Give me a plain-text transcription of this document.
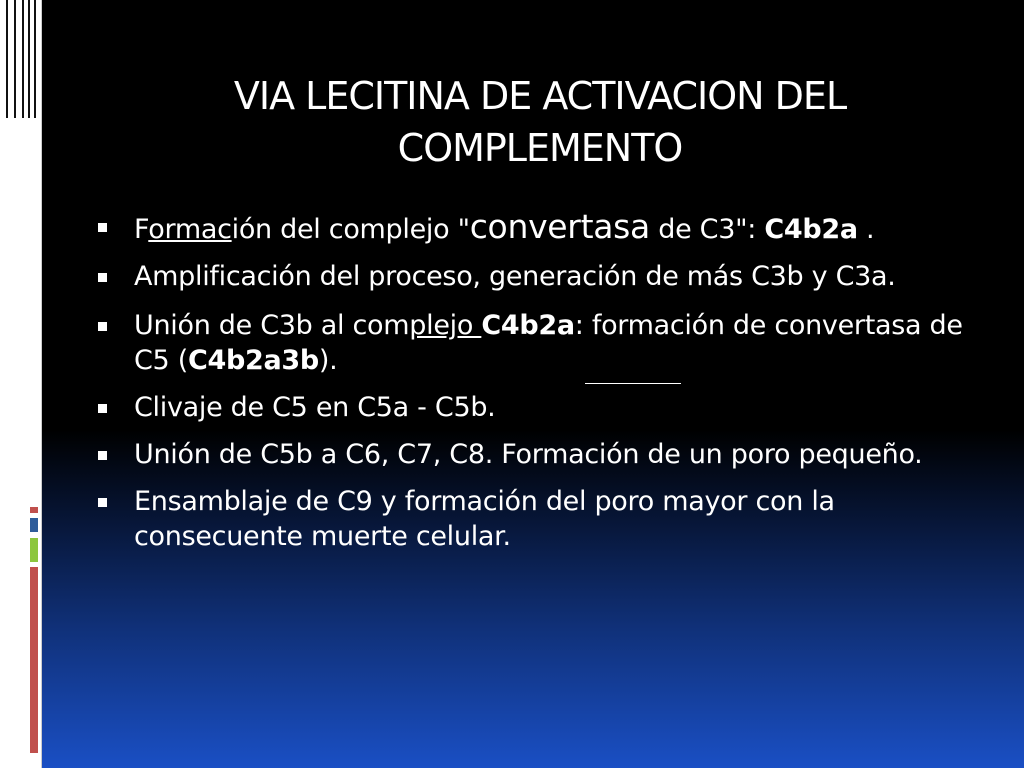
VIA LECITINA DE ACTIVACION DEL
COMPLEMENTO
Formación del complejo "convertasa de C3": C4b2a .
Amplificación del proceso, generación de más C3b y C3a.
Unión de C3b al complejo C4b2a: formación de convertasa de C5 (C4b2a3b).
Clivaje de C5 en C5a - C5b.
Unión de C5b a C6, C7, C8. Formación de un poro pequeño.
Ensamblaje de C9 y formación del poro mayor con la consecuente muerte celular.
